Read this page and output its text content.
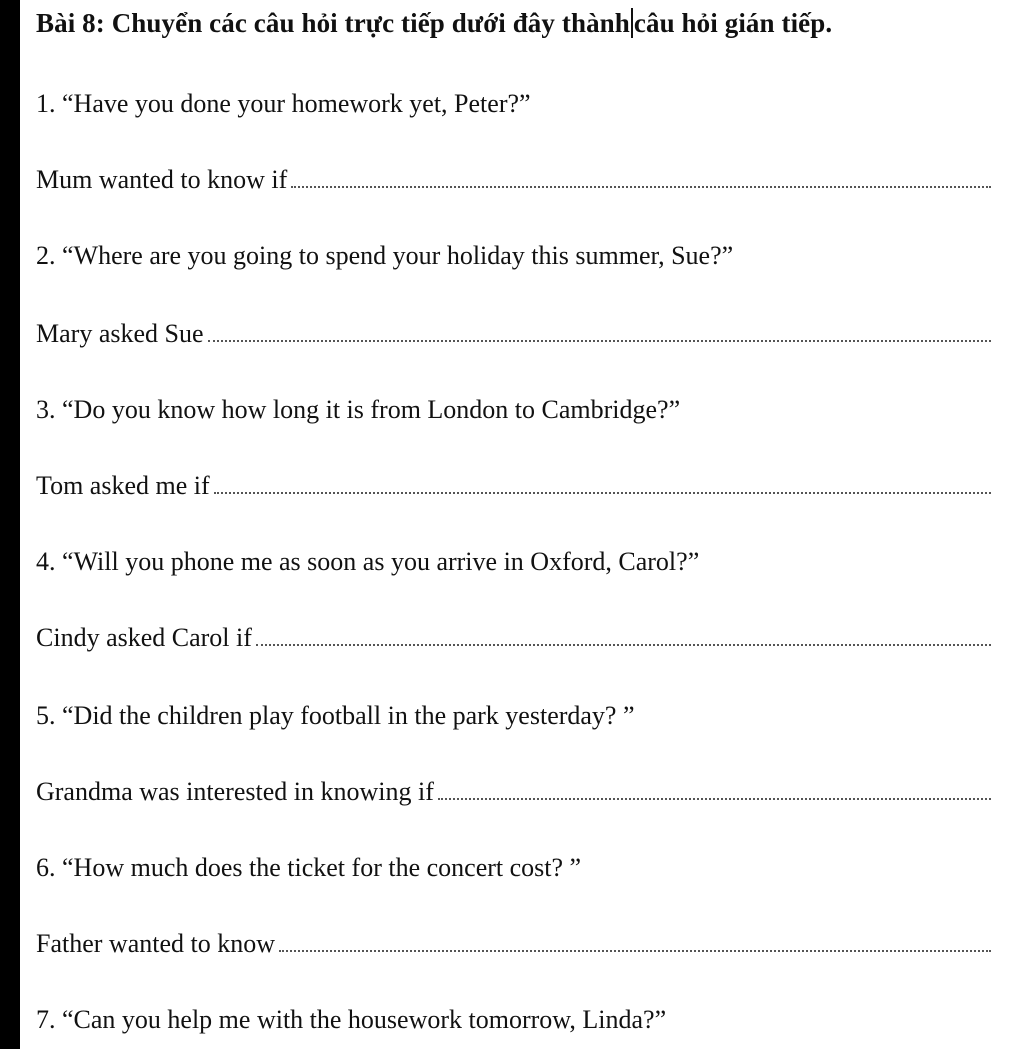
Bài 8: Chuyển các câu hỏi trực tiếp dưới đây thành câu hỏi gián tiếp.
1. “Have you done your homework yet, Peter?”
Mum wanted to know if
2. “Where are you going to spend your holiday this summer, Sue?”
Mary asked Sue
3. “Do you know how long it is from London to Cambridge?”
Tom asked me if
4. “Will you phone me as soon as you arrive in Oxford, Carol?”
Cindy asked Carol if
5. “Did the children play football in the park yesterday? ”
Grandma was interested in knowing if
6. “How much does the ticket for the concert cost? ”
Father wanted to know
7. “Can you help me with the housework tomorrow, Linda?”
